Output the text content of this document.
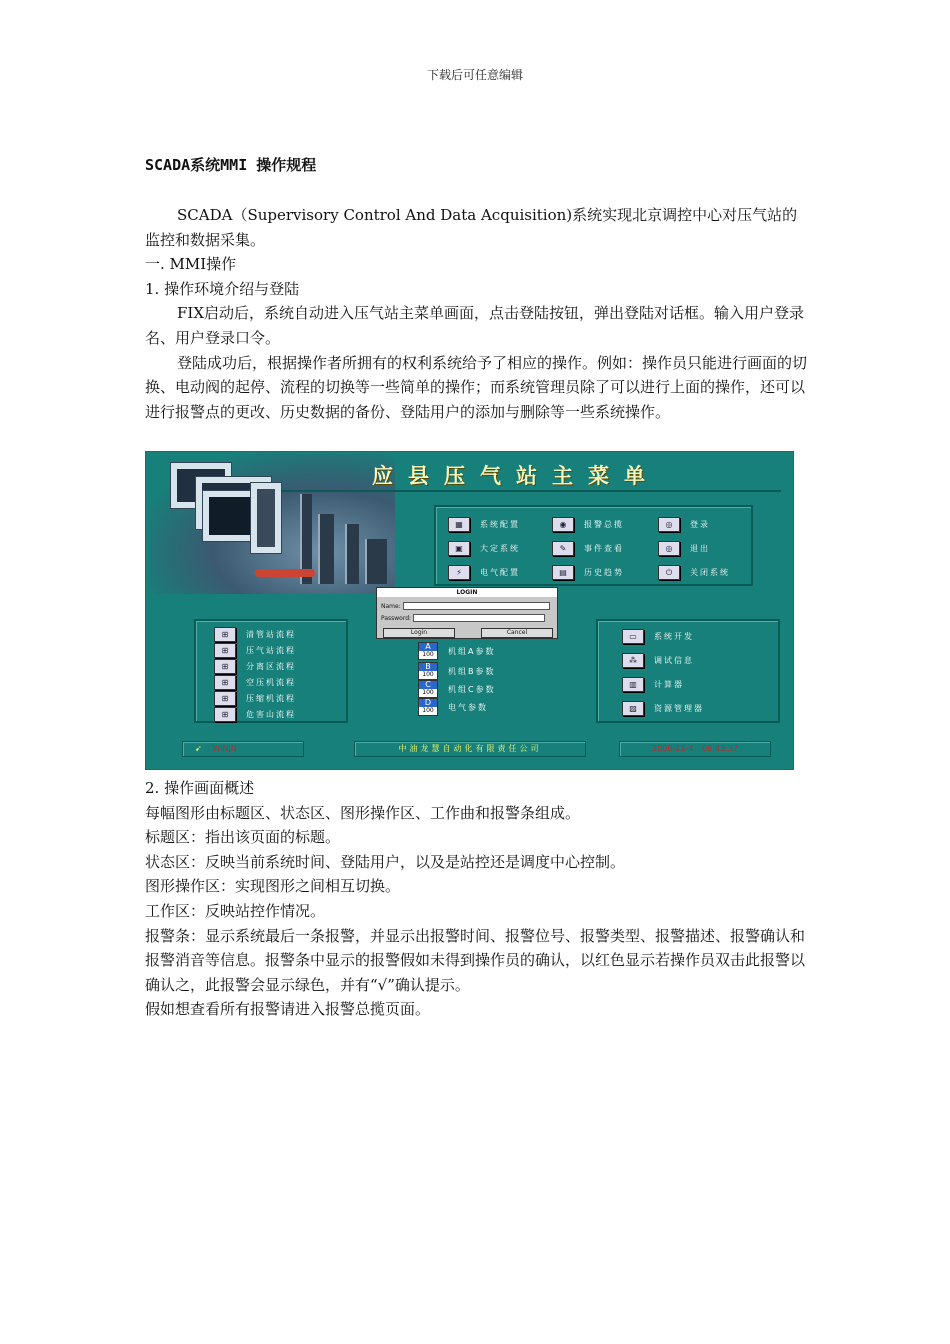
下载后可任意编辑
SCADA系统MMI 操作规程

SCADA（Supervisory Control And Data Acquisition)系统实现北京调控中心对压气站的监控和数据采集。

一. MMI操作

1. 操作环境介绍与登陆

FIX启动后，系统自动进入压气站主菜单画面，点击登陆按钮，弹出登陆对话框。输入用户登录名、用户登录口令。

登陆成功后，根据操作者所拥有的权利系统给予了相应的操作。例如：操作员只能进行画面的切换、电动阀的起停、流程的切换等一些简单的操作；而系统管理员除了可以进行上面的操作，还可以进行报警点的更改、历史数据的备份、登陆用户的添加与删除等一些系统操作。

应县压气站主菜单
▦	系统配置	◉	报警总揽	◎	登录
▣	大定系统	✎	事件查看	◎	退出
⚡	电气配置	▤	历史趋势	⏻	关闭系统
LOGIN
Name:
Password:
Login	Cancel
⊞	清管站流程
⊞	压气站流程
⊞	分离区流程
⊞	空压机流程
⊞	压缩机流程
⊞	危害山流程
A
100	机组A参数
B
100	机组B参数
C
100	机组C参数
D
100	电气参数
▭	系统开发
⁂	调试信息
▥	计算器
▨	资源管理器
➹ WINJN	中油龙慧自动化有限责任公司	2006-11-4 08:43:37

2. 操作画面概述

每幅图形由标题区、状态区、图形操作区、工作曲和报警条组成。

标题区：指出该页面的标题。

状态区：反映当前系统时间、登陆用户，以及是站控还是调度中心控制。

图形操作区：实现图形之间相互切换。

工作区：反映站控作情况。

报警条：显示系统最后一条报警，并显示出报警时间、报警位号、报警类型、报警描述、报警确认和报警消音等信息。报警条中显示的报警假如未得到操作员的确认，以红色显示若操作员双击此报警以确认之，此报警会显示绿色，并有“√”确认提示。

假如想查看所有报警请进入报警总揽页面。
